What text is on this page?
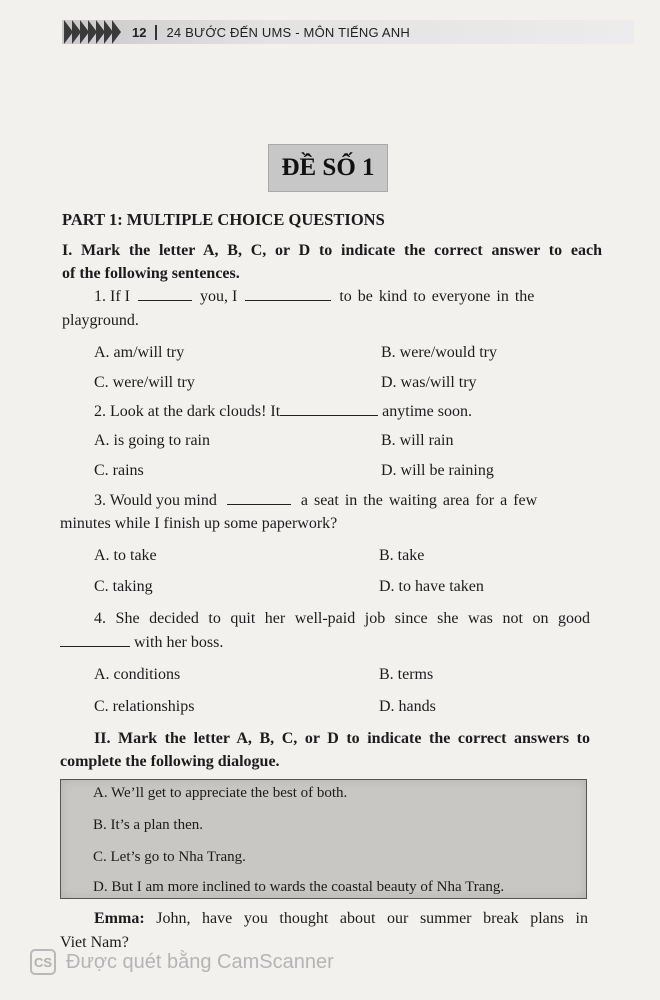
12 24 BƯỚC ĐẾN UMS - MÔN TIẾNG ANH
ĐỀ SỐ 1
PART 1: MULTIPLE CHOICE QUESTIONS
I. Mark the letter A, B, C, or D to indicate the correct answer to each
of the following sentences.
1. If I	you, I	to be kind to everyone in the
playground.
A. am/will try	B. were/would try
C. were/will try	D. was/will try
2. Look at the dark clouds! It	anytime soon.
A. is going to rain	B. will rain
C. rains	D. will be raining
3. Would you mind	a seat in the waiting area for a few
minutes while I finish up some paperwork?
A. to take	B. take
C. taking	D. to have taken
4. She decided to quit her well-paid job since she was not on good
with her boss.
A. conditions	B. terms
C. relationships	D. hands
II. Mark the letter A, B, C, or D to indicate the correct answers to
complete the following dialogue.
A. We’ll get to appreciate the best of both.
B. It’s a plan then.
C. Let’s go to Nha Trang.
D. But I am more inclined to wards the coastal beauty of Nha Trang.
Emma: John, have you thought about our summer break plans in
Viet Nam?
CS Được quét bằng CamScanner
